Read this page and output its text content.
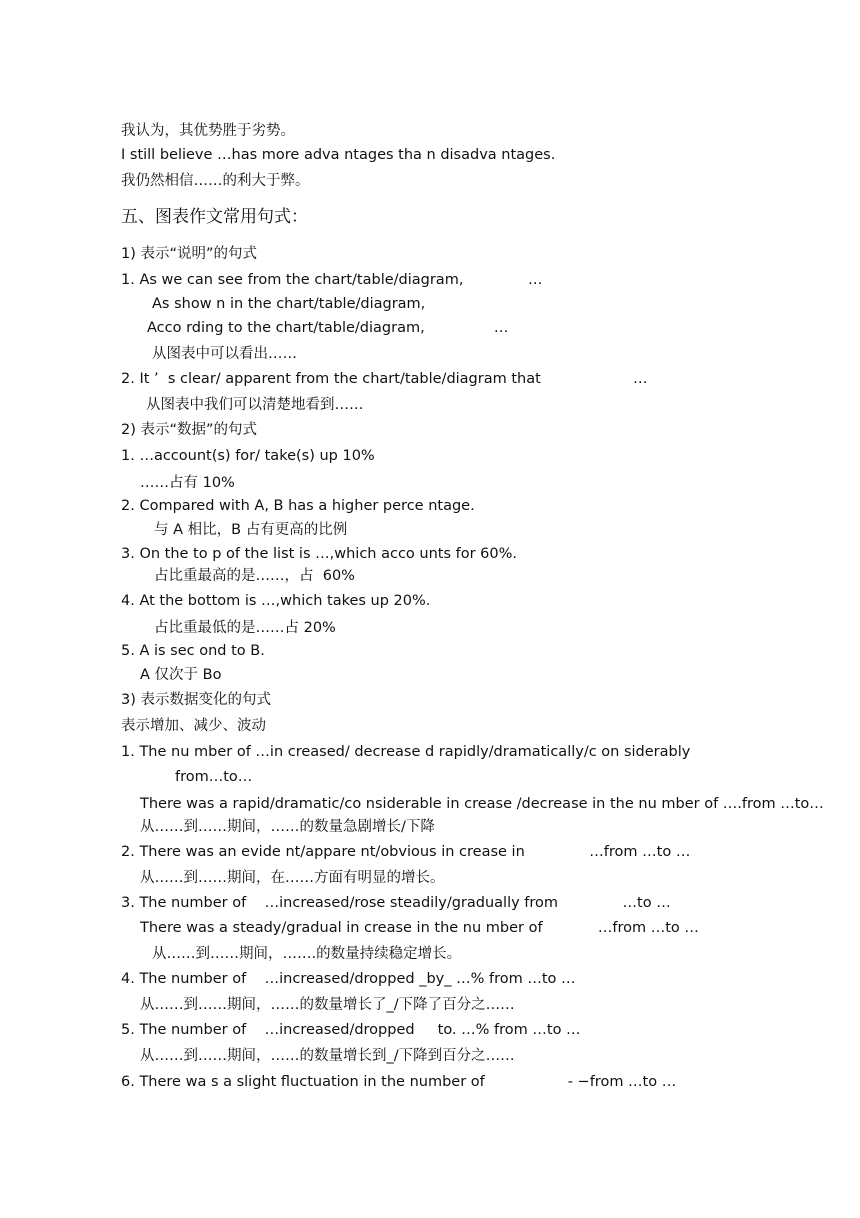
我认为，其优势胜于劣势。
I still believe …has more adva ntages tha n disadva ntages.
我仍然相信……的利大于弊。
五、图表作文常用句式：
1) 表示“说明”的句式
1. As we can see from the chart/table/diagram,              …
As show n in the chart/table/diagram,
Acco rding to the chart/table/diagram,               …
从图表中可以看出……
2. It ’  s clear/ apparent from the chart/table/diagram that                    …
从图表中我们可以清楚地看到……
2) 表示“数据”的句式
1. …account(s) for/ take(s) up 10%
……占有 10%
2. Compared with A, B has a higher perce ntage.
与 A 相比，B 占有更高的比例
3. On the to p of the list is …,which acco unts for 60%.
占比重最高的是……，占  60%
4. At the bottom is …,which takes up 20%.
占比重最低的是……占 20%
5. A is sec ond to B.
A 仅次于 Bo
3) 表示数据变化的句式
表示增加、减少、波动
1. The nu mber of …in creased/ decrease d rapidly/dramatically/c on siderably
from…to…
There was a rapid/dramatic/co nsiderable in crease /decrease in the nu mber of ….from …to…
从……到……期间，……的数量急剧增长/下降
2. There was an evide nt/appare nt/obvious in crease in              …from …to …
从……到……期间，在……方面有明显的增长。
3. The number of    …increased/rose steadily/gradually from              …to …
There was a steady/gradual in crease in the nu mber of            …from …to …
从……到……期间，…….的数量持续稳定增长。
4. The number of    …increased/dropped _by_ …% from …to …
从……到……期间，……的数量增长了_/下降了百分之……
5. The number of    …increased/dropped     to. …% from …to …
从……到……期间，……的数量增长到_/下降到百分之……
6. There wa s a slight fluctuation in the number of                  - −from …to …
